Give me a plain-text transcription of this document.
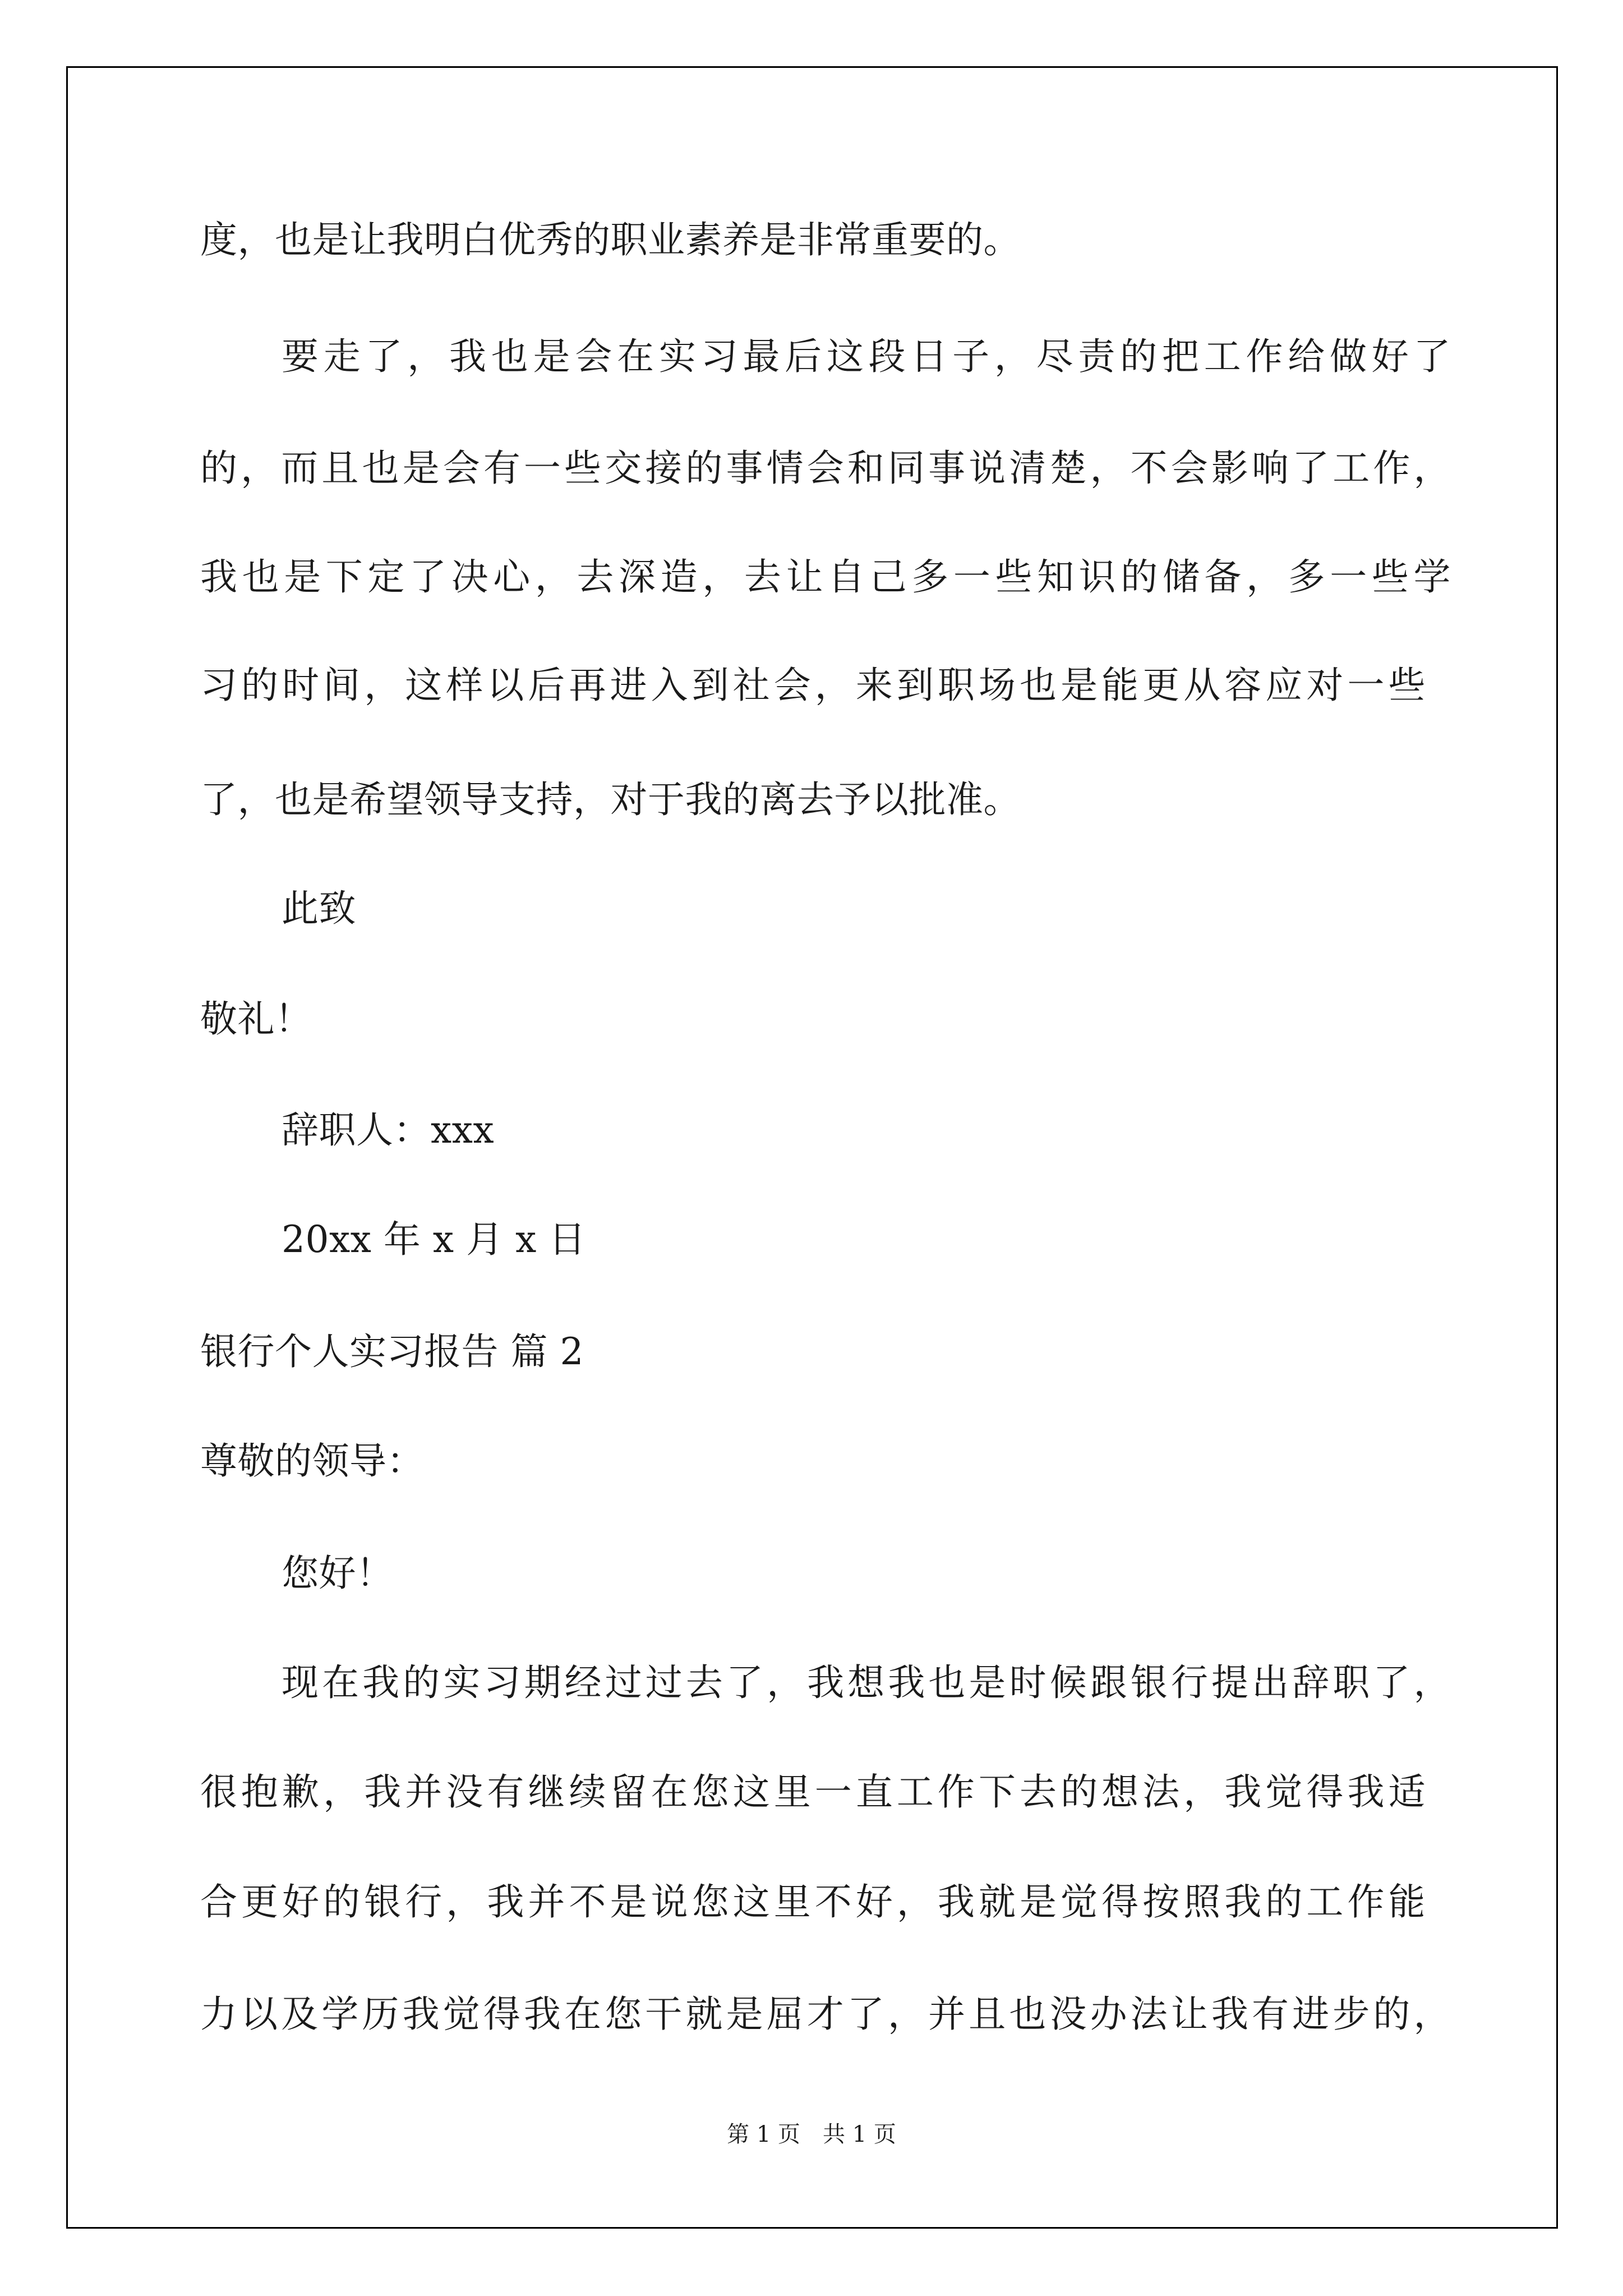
度，也是让我明白优秀的职业素养是非常重要的。
要走了，我也是会在实习最后这段日子，尽责的把工作给做好了
的，而且也是会有一些交接的事情会和同事说清楚，不会影响了工作，
我也是下定了决心，去深造，去让自己多一些知识的储备，多一些学
习的时间，这样以后再进入到社会，来到职场也是能更从容应对一些
了，也是希望领导支持，对于我的离去予以批准。
此致
敬礼！
辞职人：xxx
20xx 年 x 月 x 日
银行个人实习报告 篇 2
尊敬的领导：
您好！
现在我的实习期经过过去了，我想我也是时候跟银行提出辞职了，
很抱歉，我并没有继续留在您这里一直工作下去的想法，我觉得我适
合更好的银行，我并不是说您这里不好，我就是觉得按照我的工作能
力以及学历我觉得我在您干就是屈才了，并且也没办法让我有进步的，
第 1 页　共 1 页
